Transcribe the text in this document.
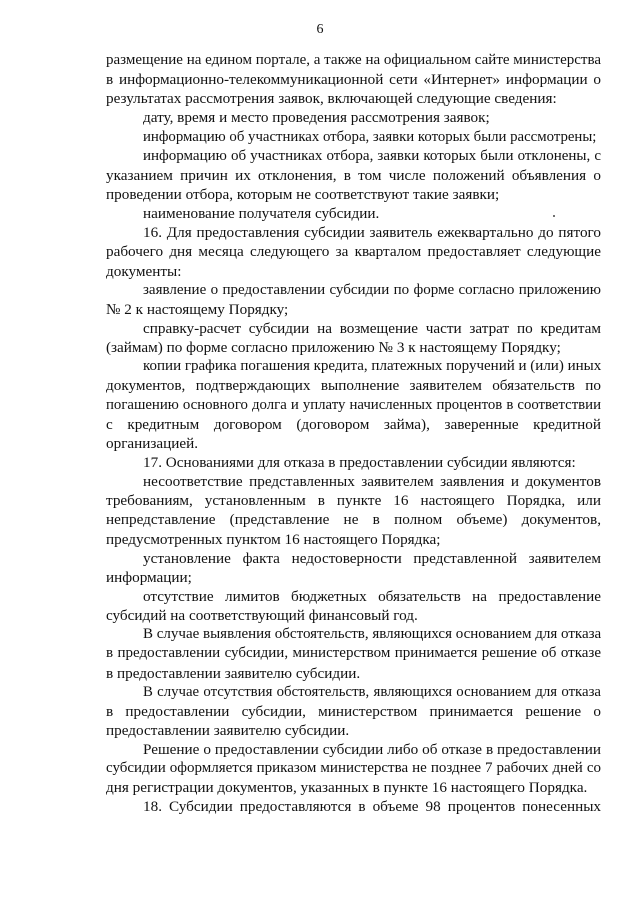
6
размещение на едином портале, а также на официальном сайте министерства
в информационно-телекоммуникационной сети «Интернет» информации о
результатах рассмотрения заявок, включающей следующие сведения:
дату, время и место проведения рассмотрения заявок;
информацию об участниках отбора, заявки которых были рассмотрены;
информацию об участниках отбора, заявки которых были отклонены, с
указанием причин их отклонения, в том числе положений объявления о
проведении отбора, которым не соответствуют такие заявки;
наименование получателя субсидии.
16. Для предоставления субсидии заявитель ежеквартально до пятого
рабочего дня месяца следующего за кварталом предоставляет следующие
документы:
заявление о предоставлении субсидии по форме согласно приложению
№ 2 к настоящему Порядку;
справку-расчет субсидии на возмещение части затрат по кредитам
(займам) по форме согласно приложению № 3 к настоящему Порядку;
копии графика погашения кредита, платежных поручений и (или) иных
документов, подтверждающих выполнение заявителем обязательств по
погашению основного долга и уплату начисленных процентов в соответствии
с кредитным договором (договором займа), заверенные кредитной
организацией.
17. Основаниями для отказа в предоставлении субсидии являются:
несоответствие представленных заявителем заявления и документов
требованиям, установленным в пункте 16 настоящего Порядка, или
непредставление (представление не в полном объеме) документов,
предусмотренных пунктом 16 настоящего Порядка;
установление факта недостоверности представленной заявителем
информации;
отсутствие лимитов бюджетных обязательств на предоставление
субсидий на соответствующий финансовый год.
В случае выявления обстоятельств, являющихся основанием для отказа
в предоставлении субсидии, министерством принимается решение об отказе
в предоставлении заявителю субсидии.
В случае отсутствия обстоятельств, являющихся основанием для отказа
в предоставлении субсидии, министерством принимается решение о
предоставлении заявителю субсидии.
Решение о предоставлении субсидии либо об отказе в предоставлении
субсидии оформляется приказом министерства не позднее 7 рабочих дней со
дня регистрации документов, указанных в пункте 16 настоящего Порядка.
18. Субсидии предоставляются в объеме 98 процентов понесенных
